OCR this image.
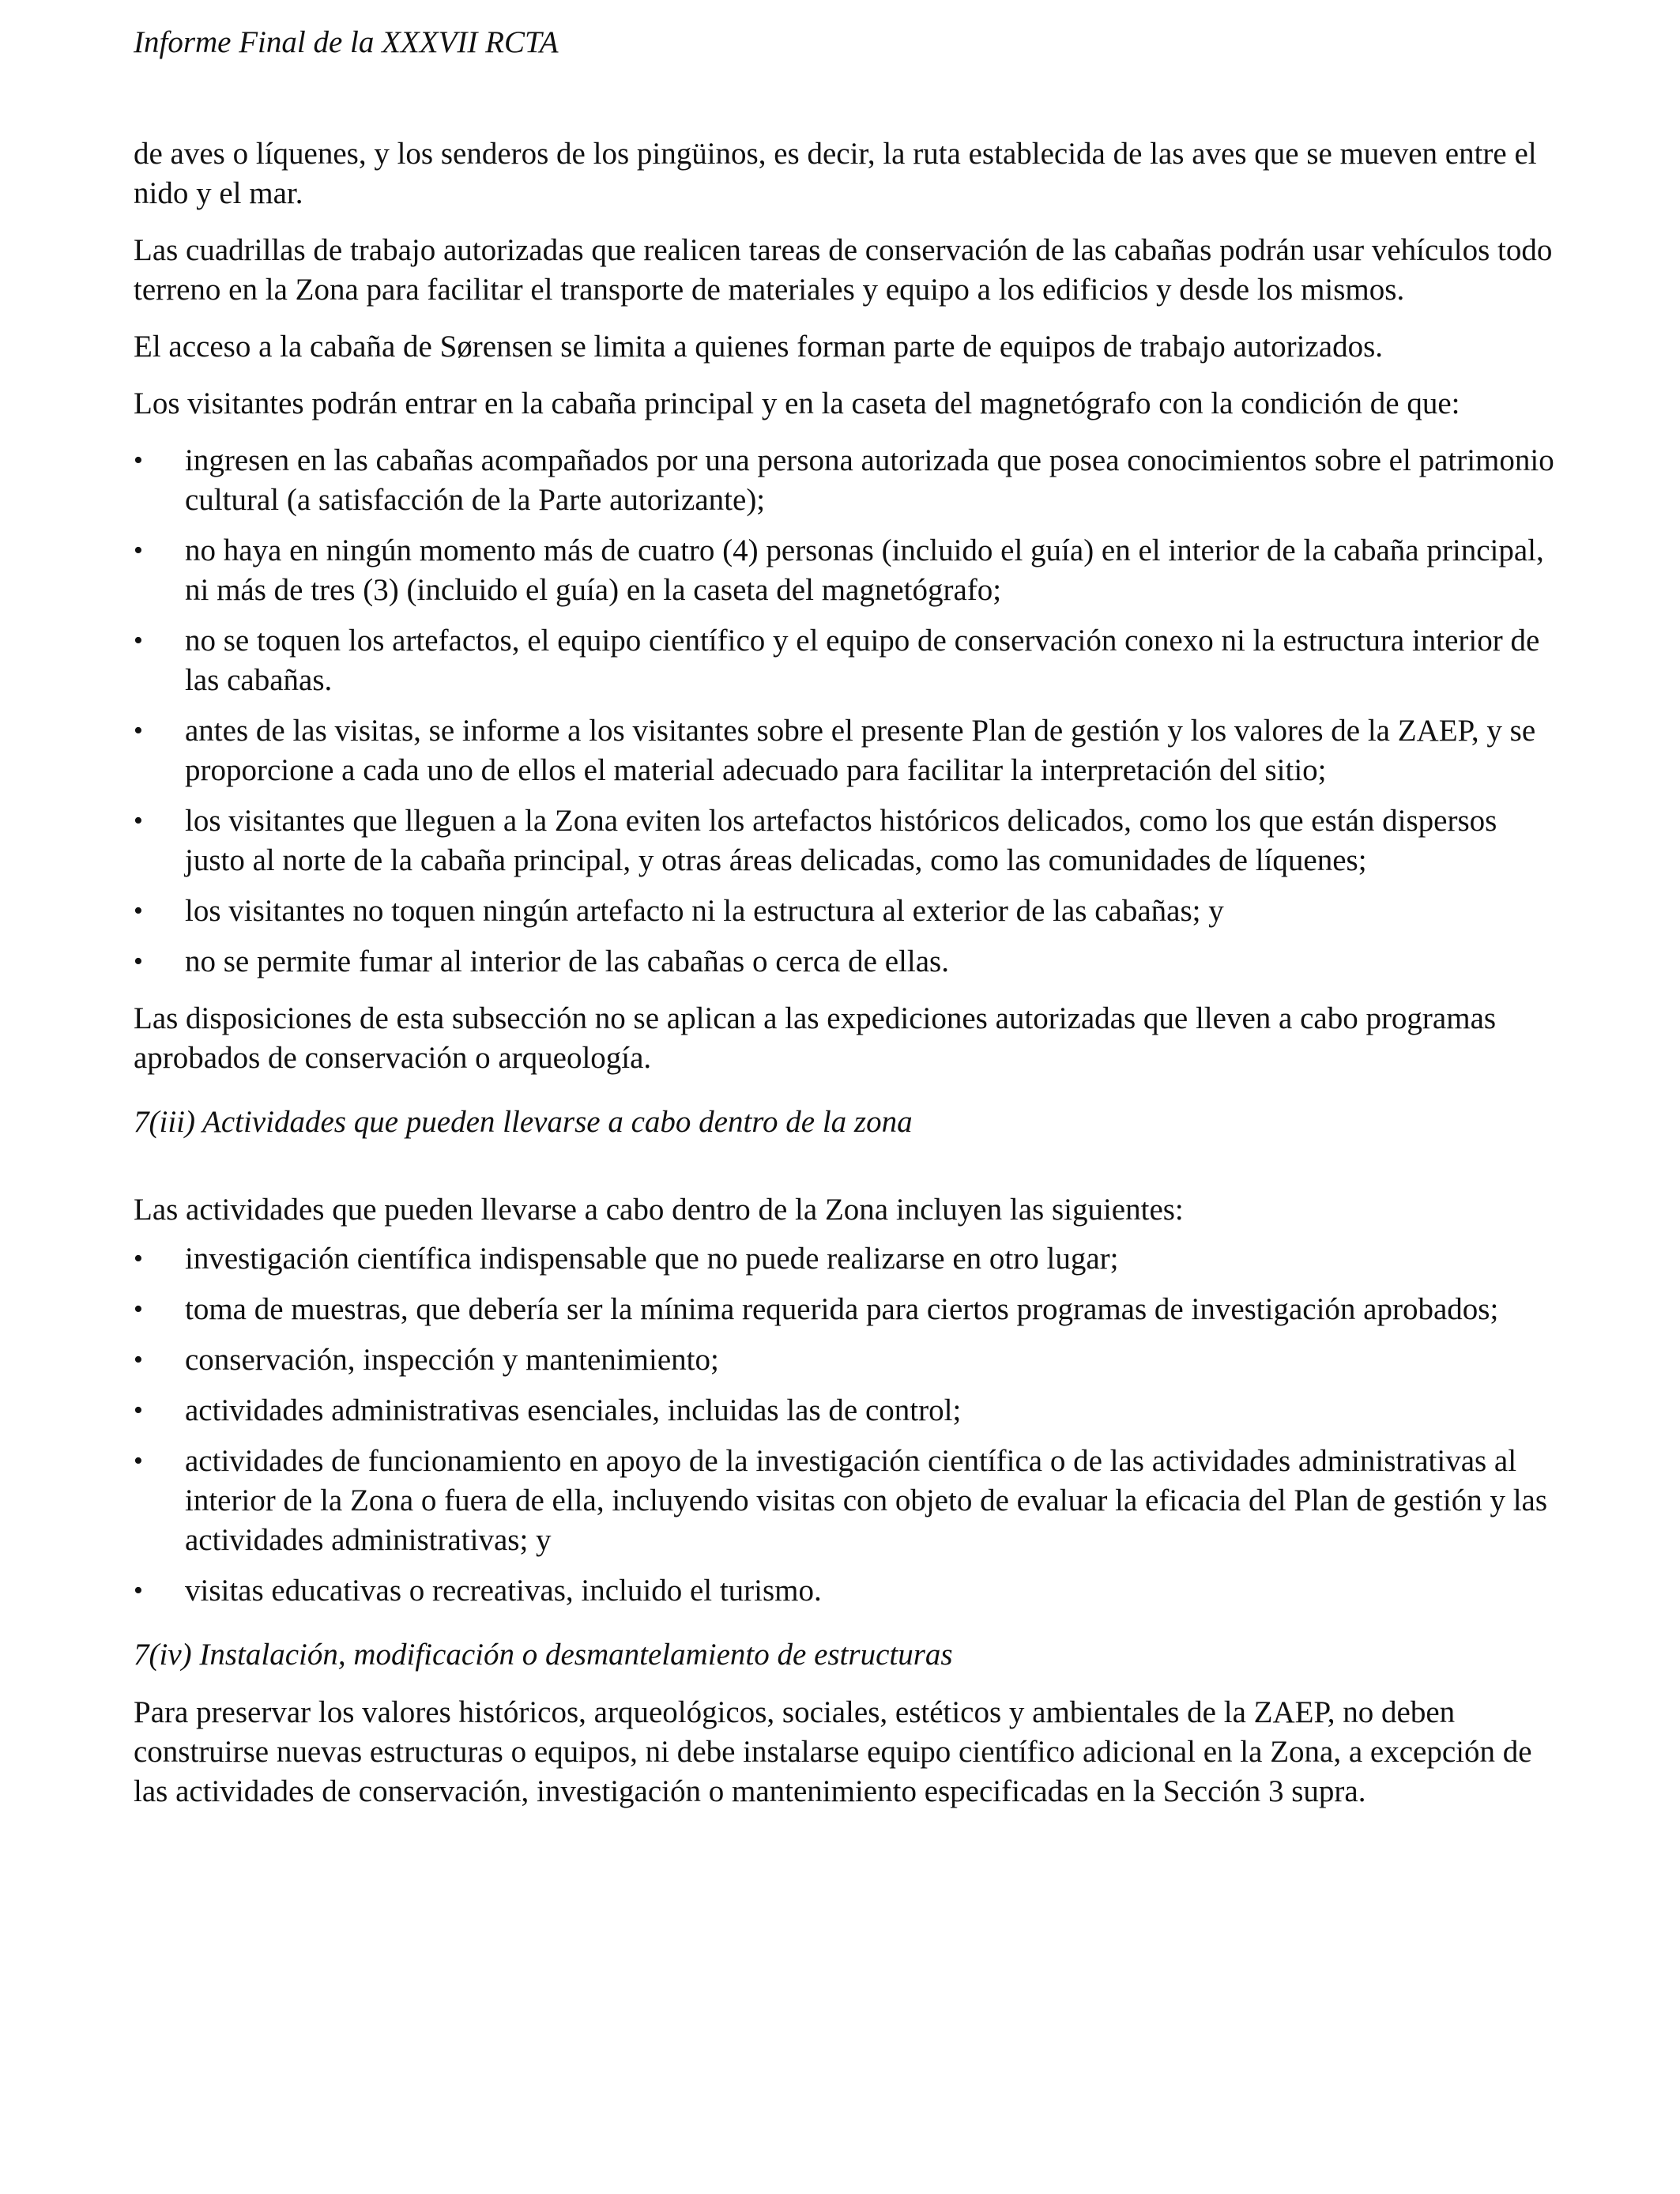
Informe Final de la XXXVII RCTA

de aves o líquenes, y los senderos de los pingüinos, es decir, la ruta establecida de las aves que se mueven entre el nido y el mar.

Las cuadrillas de trabajo autorizadas que realicen tareas de conservación de las cabañas podrán usar vehículos todo terreno en la Zona para facilitar el transporte de materiales y equipo a los edificios y desde los mismos.

El acceso a la cabaña de Sørensen se limita a quienes forman parte de equipos de trabajo autorizados.

Los visitantes podrán entrar en la cabaña principal y en la caseta del magnetógrafo con la condición de que:

• ingresen en las cabañas acompañados por una persona autorizada que posea conocimientos sobre el patrimonio cultural (a satisfacción de la Parte autorizante);
• no haya en ningún momento más de cuatro (4) personas (incluido el guía) en el interior de la cabaña principal, ni más de tres (3) (incluido el guía) en la caseta del magnetógrafo;
• no se toquen los artefactos, el equipo científico y el equipo de conservación conexo ni la estructura interior de las cabañas.
• antes de las visitas, se informe a los visitantes sobre el presente Plan de gestión y los valores de la ZAEP, y se proporcione a cada uno de ellos el material adecuado para facilitar la interpretación del sitio;
• los visitantes que lleguen a la Zona eviten los artefactos históricos delicados, como los que están dispersos justo al norte de la cabaña principal, y otras áreas delicadas, como las comunidades de líquenes;
• los visitantes no toquen ningún artefacto ni la estructura al exterior de las cabañas; y
• no se permite fumar al interior de las cabañas o cerca de ellas.

Las disposiciones de esta subsección no se aplican a las expediciones autorizadas que lleven a cabo programas aprobados de conservación o arqueología.

7(iii) Actividades que pueden llevarse a cabo dentro de la zona

Las actividades que pueden llevarse a cabo dentro de la Zona incluyen las siguientes:

• investigación científica indispensable que no puede realizarse en otro lugar;
• toma de muestras, que debería ser la mínima requerida para ciertos programas de investigación aprobados;
• conservación, inspección y mantenimiento;
• actividades administrativas esenciales, incluidas las de control;
• actividades de funcionamiento en apoyo de la investigación científica o de las actividades administrativas al interior de la Zona o fuera de ella, incluyendo visitas con objeto de evaluar la eficacia del Plan de gestión y las actividades administrativas; y
• visitas educativas o recreativas, incluido el turismo.
7(iv) Instalación, modificación o desmantelamiento de estructuras

Para preservar los valores históricos, arqueológicos, sociales, estéticos y ambientales de la ZAEP, no deben construirse nuevas estructuras o equipos, ni debe instalarse equipo científico adicional en la Zona, a excepción de las actividades de conservación, investigación o mantenimiento especificadas en la Sección 3 supra.
